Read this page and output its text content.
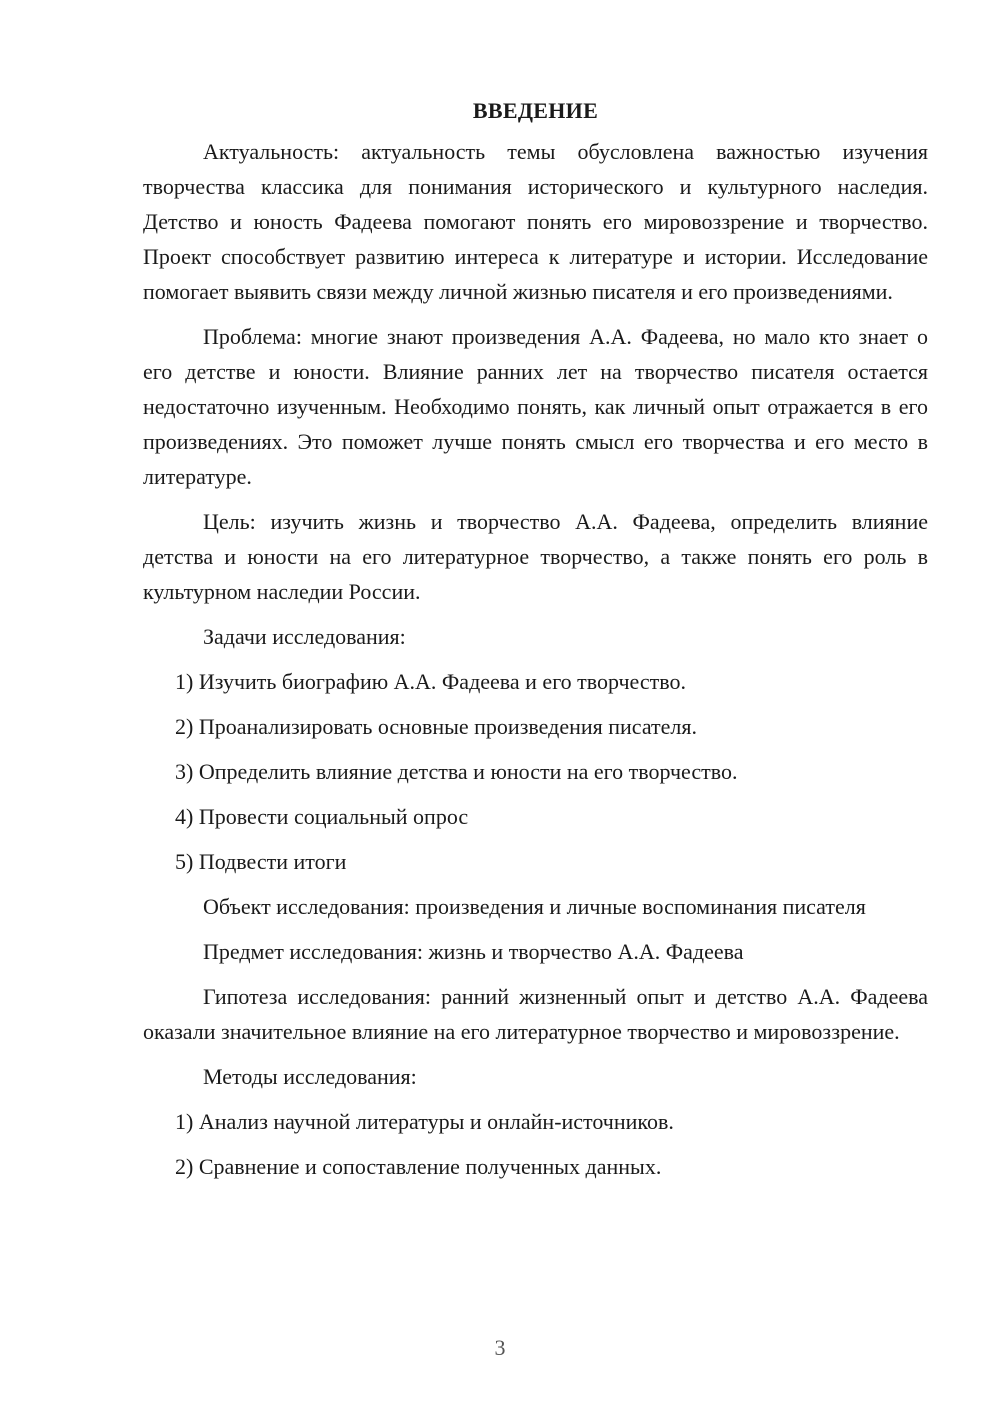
ВВЕДЕНИЕ

Актуальность: актуальность темы обусловлена важностью изучения творчества классика для понимания исторического и культурного наследия. Детство и юность Фадеева помогают понять его мировоззрение и творчество. Проект способствует развитию интереса к литературе и истории. Исследование помогает выявить связи между личной жизнью писателя и его произведениями.

Проблема: многие знают произведения А.А. Фадеева, но мало кто знает о его детстве и юности. Влияние ранних лет на творчество писателя остается недостаточно изученным. Необходимо понять, как личный опыт отражается в его произведениях. Это поможет лучше понять смысл его творчества и его место в литературе.

Цель: изучить жизнь и творчество А.А. Фадеева, определить влияние детства и юности на его литературное творчество, а также понять его роль в культурном наследии России.

Задачи исследования:

1) Изучить биографию А.А. Фадеева и его творчество.
2) Проанализировать основные произведения писателя.
3) Определить влияние детства и юности на его творчество.
4) Провести социальный опрос
5) Подвести итоги

Объект исследования: произведения и личные воспоминания писателя

Предмет исследования: жизнь и творчество А.А. Фадеева

Гипотеза исследования: ранний жизненный опыт и детство А.А. Фадеева оказали значительное влияние на его литературное творчество и мировоззрение.

Методы исследования:

1) Анализ научной литературы и онлайн-источников.
2) Сравнение и сопоставление полученных данных.
3
